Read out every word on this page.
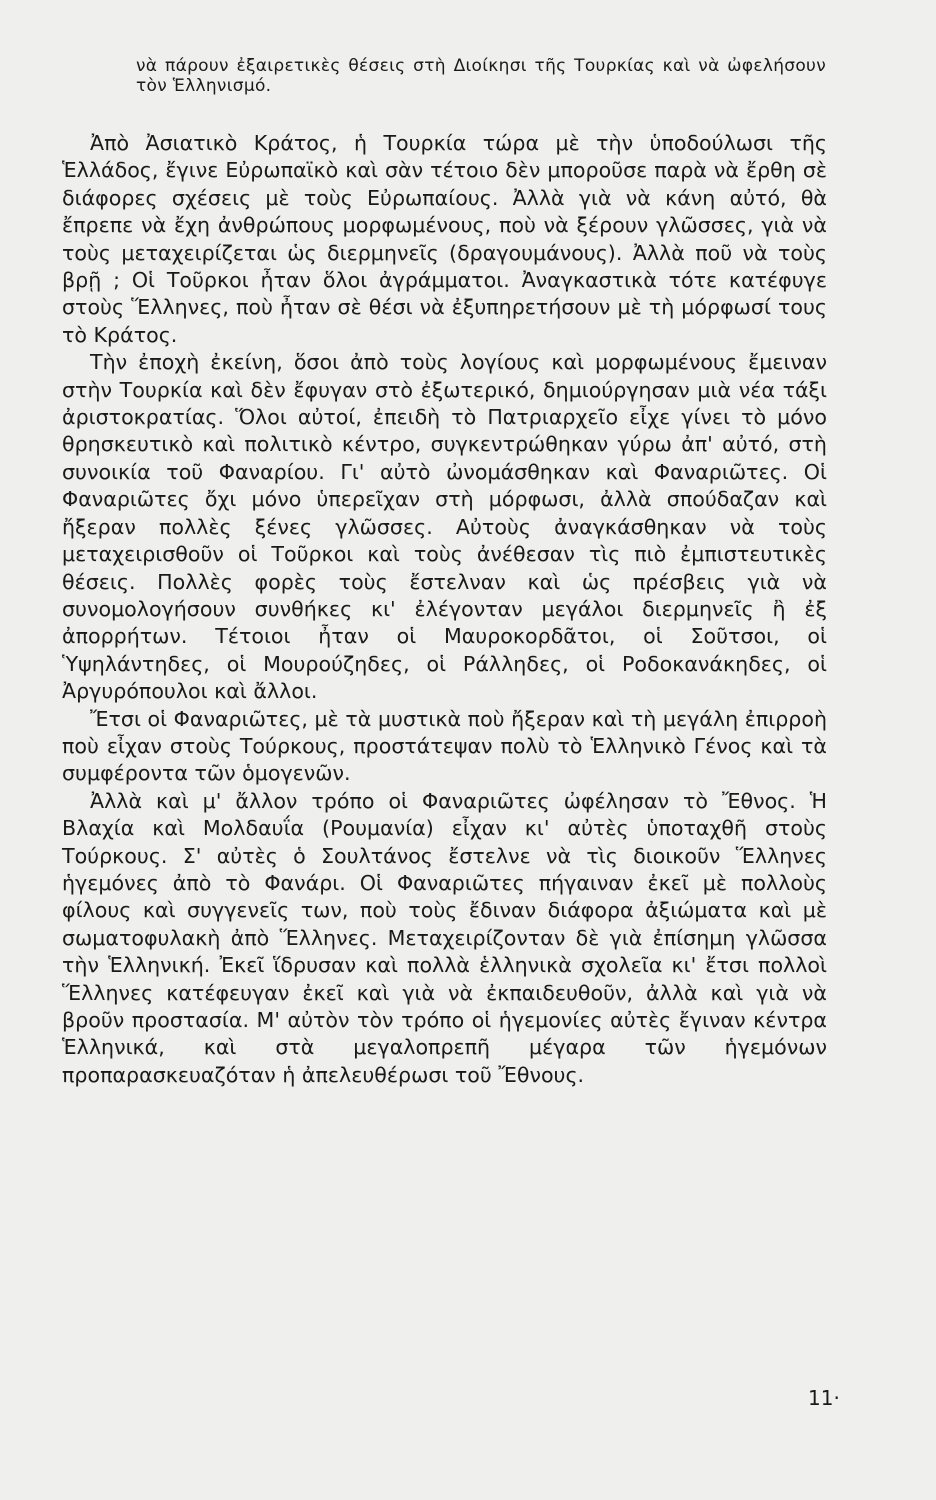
νὰ πάρουν ἐξαιρετικὲς θέσεις στὴ Διοίκησι τῆς Τουρκίας καὶ νὰ ὠφελήσουν τὸν Ἑλληνισμό.

Ἀπὸ Ἀσιατικὸ Κράτος, ἡ Τουρκία τώρα μὲ τὴν ὑποδούλωσι τῆς Ἑλλάδος, ἔγινε Εὐρωπαϊκὸ καὶ σὰν τέτοιο δὲν μποροῦσε παρὰ νὰ ἔρθη σὲ διάφορες σχέσεις μὲ τοὺς Εὐρωπαίους. Ἀλλὰ γιὰ νὰ κάνη αὐτό, θὰ ἔπρεπε νὰ ἔχη ἀνθρώπους μορφωμένους, ποὺ νὰ ξέρουν γλῶσσες, γιὰ νὰ τοὺς μεταχειρίζεται ὡς διερμηνεῖς (δραγουμάνους). Ἀλλὰ ποῦ νὰ τοὺς βρῇ ; Οἱ Τοῦρκοι ἦταν ὅλοι ἀγράμματοι. Ἀναγκαστικὰ τότε κατέφυγε στοὺς Ἕλληνες, ποὺ ἦταν σὲ θέσι νὰ ἐξυπηρετήσουν μὲ τὴ μόρφωσί τους τὸ Κράτος.

Τὴν ἐποχὴ ἐκείνη, ὅσοι ἀπὸ τοὺς λογίους καὶ μορφωμένους ἔμειναν στὴν Τουρκία καὶ δὲν ἔφυγαν στὸ ἐξωτερικό, δημιούργησαν μιὰ νέα τάξι ἀριστοκρατίας. Ὅλοι αὐτοί, ἐπειδὴ τὸ Πατριαρχεῖο εἶχε γίνει τὸ μόνο θρησκευτικὸ καὶ πολιτικὸ κέντρο, συγκεντρώθηκαν γύρω ἀπ' αὐτό, στὴ συνοικία τοῦ Φαναρίου. Γι' αὐτὸ ὠνομάσθηκαν καὶ Φαναριῶτες. Οἱ Φαναριῶτες ὄχι μόνο ὑπερεῖχαν στὴ μόρφωσι, ἀλλὰ σπούδαζαν καὶ ἤξεραν πολλὲς ξένες γλῶσσες. Αὐτοὺς ἀναγκάσθηκαν νὰ τοὺς μεταχειρισθοῦν οἱ Τοῦρκοι καὶ τοὺς ἀνέθεσαν τὶς πιὸ ἐμπιστευτικὲς θέσεις. Πολλὲς φορὲς τοὺς ἔστελναν καὶ ὡς πρέσβεις γιὰ νὰ συνομολογήσουν συνθήκες κι' ἐλέγονταν μεγάλοι διερμηνεῖς ἢ ἐξ ἀπορρήτων. Τέτοιοι ἦταν οἱ Μαυροκορδᾶτοι, οἱ Σοῦτσοι, οἱ Ὑψηλάντηδες, οἱ Μουρούζηδες, οἱ Ράλληδες, οἱ Ροδοκανάκηδες, οἱ Ἀργυρόπουλοι καὶ ἄλλοι.

Ἔτσι οἱ Φαναριῶτες, μὲ τὰ μυστικὰ ποὺ ἤξεραν καὶ τὴ μεγάλη ἐπιρροὴ ποὺ εἶχαν στοὺς Τούρκους, προστάτεψαν πολὺ τὸ Ἑλληνικὸ Γένος καὶ τὰ συμφέροντα τῶν ὁμογενῶν.

Ἀλλὰ καὶ μ' ἄλλον τρόπο οἱ Φαναριῶτες ὠφέλησαν τὸ Ἔθνος. Ἡ Βλαχία καὶ Μολδαυΐα (Ρουμανία) εἶχαν κι' αὐτὲς ὑποταχθῆ στοὺς Τούρκους. Σ' αὐτὲς ὁ Σουλτάνος ἔστελνε νὰ τὶς διοικοῦν Ἕλληνες ἡγεμόνες ἀπὸ τὸ Φανάρι. Οἱ Φαναριῶτες πήγαιναν ἐκεῖ μὲ πολλοὺς φίλους καὶ συγγενεῖς των, ποὺ τοὺς ἔδιναν διάφορα ἀξιώματα καὶ μὲ σωματοφυλακὴ ἀπὸ Ἕλληνες. Μεταχειρίζονταν δὲ γιὰ ἐπίσημη γλῶσσα τὴν Ἑλληνική. Ἐκεῖ ἵδρυσαν καὶ πολλὰ ἑλληνικὰ σχολεῖα κι' ἔτσι πολλοὶ Ἕλληνες κατέφευγαν ἐκεῖ καὶ γιὰ νὰ ἐκπαιδευθοῦν, ἀλλὰ καὶ γιὰ νὰ βροῦν προστασία. Μ' αὐτὸν τὸν τρόπο οἱ ἡγεμονίες αὐτὲς ἔγιναν κέντρα Ἑλληνικά, καὶ στὰ μεγαλοπρεπῆ μέγαρα τῶν ἡγεμόνων προπαρασκευαζόταν ἡ ἀπελευθέρωσι τοῦ Ἔθνους.

11·
